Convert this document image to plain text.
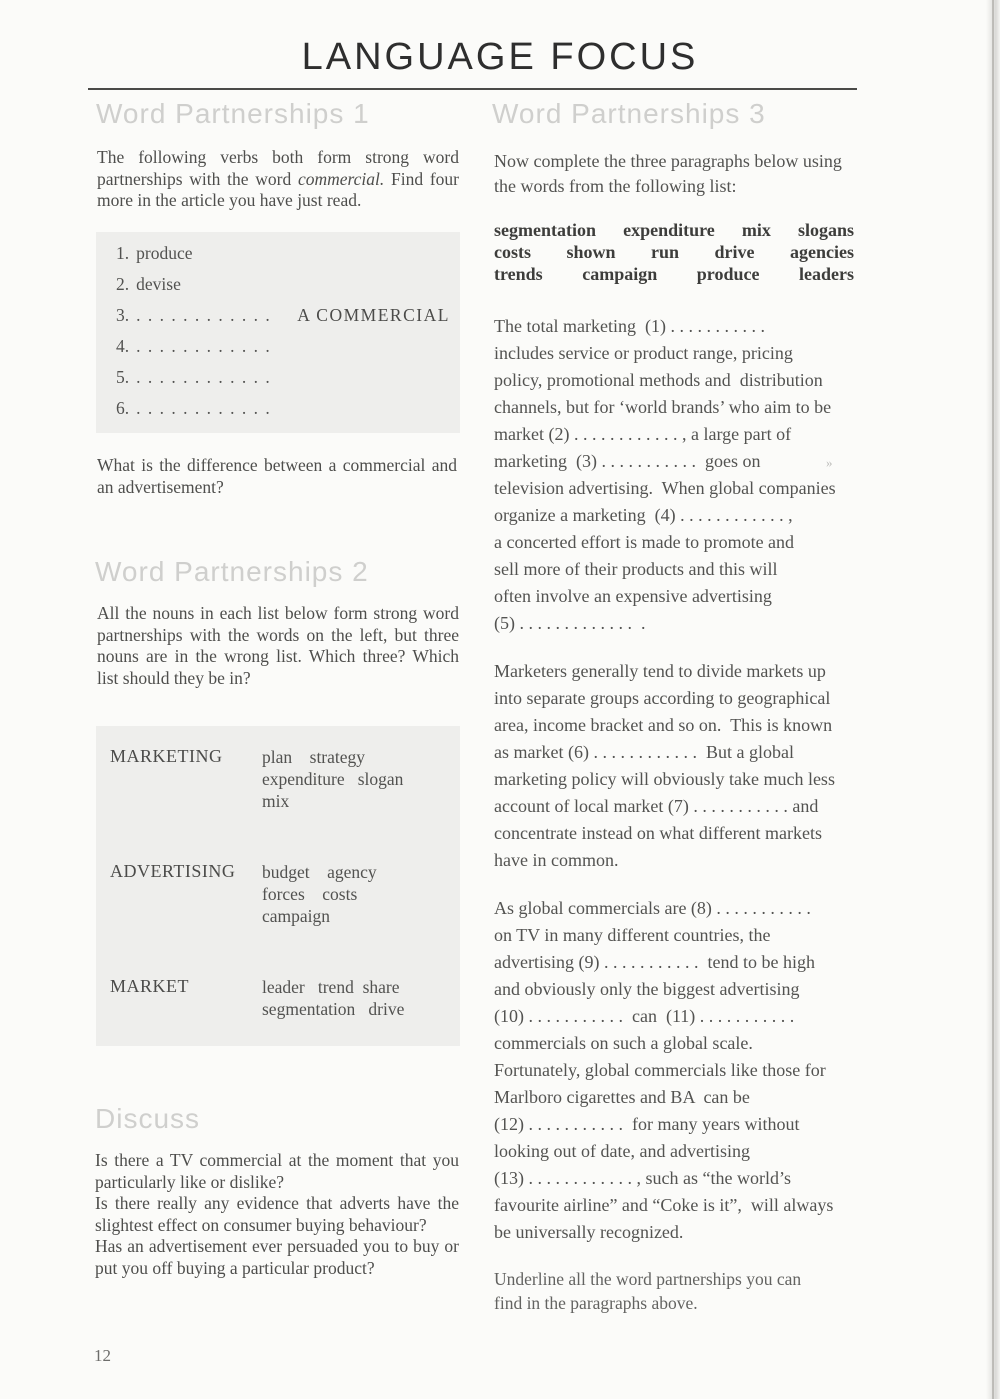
LANGUAGE FOCUS
Word Partnerships 1
The following verbs both form strong word partnerships with the word commercial. Find four more in the article you have just read.
1. produce
2. devise
3. . . . . . . . . . . . . A COMMERCIAL
4. . . . . . . . . . . . .
5. . . . . . . . . . . . .
6. . . . . . . . . . . . .
What is the difference between a commercial and an advertisement?
Word Partnerships 2
All the nouns in each list below form strong word partnerships with the words on the left, but three nouns are in the wrong list. Which three? Which list should they be in?
MARKETING	plan    strategy
expenditure   slogan
mix
ADVERTISING	budget    agency
forces    costs
campaign
MARKET	leader   trend  share
segmentation   drive
Discuss
Is there a TV commercial at the moment that you particularly like or dislike?
Is there really any evidence that adverts have the slightest effect on consumer buying behaviour?
Has an advertisement ever persuaded you to buy or put you off buying a particular product?
12
Word Partnerships 3
Now complete the three paragraphs below using the words from the following list:
segmentation expenditure mix slogans
costs shown run drive agencies
trends campaign produce leaders
The total marketing  (1) . . . . . . . . . . .
includes service or product range, pricing
policy, promotional methods and  distribution
channels, but for ‘world brands’ who aim to be
market (2) . . . . . . . . . . . . , a large part of
marketing  (3) . . . . . . . . . . .  goes on
television advertising.  When global companies
organize a marketing  (4) . . . . . . . . . . . . ,
a concerted effort is made to promote and
sell more of their products and this will
often involve an expensive advertising
(5) . . . . . . . . . . . . .  .
Marketers generally tend to divide markets up
into separate groups according to geographical
area, income bracket and so on.  This is known
as market (6) . . . . . . . . . . . .  But a global
marketing policy will obviously take much less
account of local market (7) . . . . . . . . . . . and
concentrate instead on what different markets
have in common.
As global commercials are (8) . . . . . . . . . . .
on TV in many different countries, the
advertising (9) . . . . . . . . . . .  tend to be high
and obviously only the biggest advertising
(10) . . . . . . . . . . .  can  (11) . . . . . . . . . . .
commercials on such a global scale.
Fortunately, global commercials like those for
Marlboro cigarettes and BA  can be
(12) . . . . . . . . . . .  for many years without
looking out of date, and advertising
(13) . . . . . . . . . . . . , such as “the world’s
favourite airline” and “Coke is it”,  will always
be universally recognized.
Underline all the word partnerships you can
find in the paragraphs above.
»
